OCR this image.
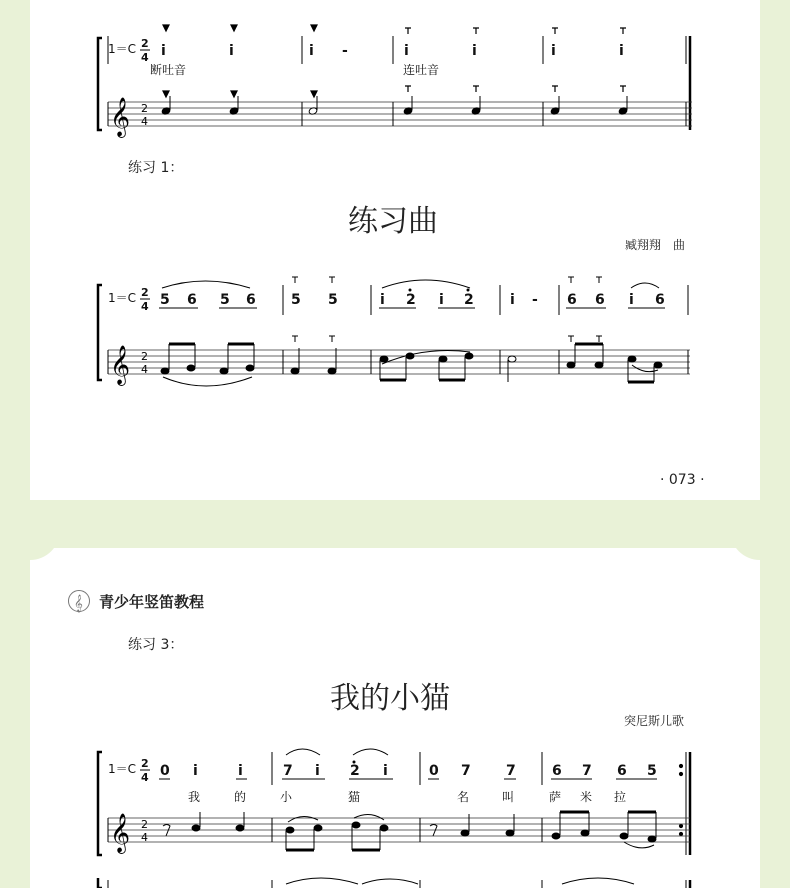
1＝C 2
4 i	i	i -	i	i	i	i
断吐音	连吐音
𝄞 2
4
1＝C 2
4 5 6 5 6	5 5	i 2 i 2	i - 6 6 i 6
𝄞 2
4
1＝C 2
4 0 i	i	7 i 2 i	0 7	7	6 7 6 5
我	的	小	猫	名	叫	萨 米 拉
𝄞 2
4
练习 1：
练习曲
臧翔翔　曲
· 073 ·
𝄞 青少年竖笛教程
练习 3：
我的小猫
突尼斯儿歌
